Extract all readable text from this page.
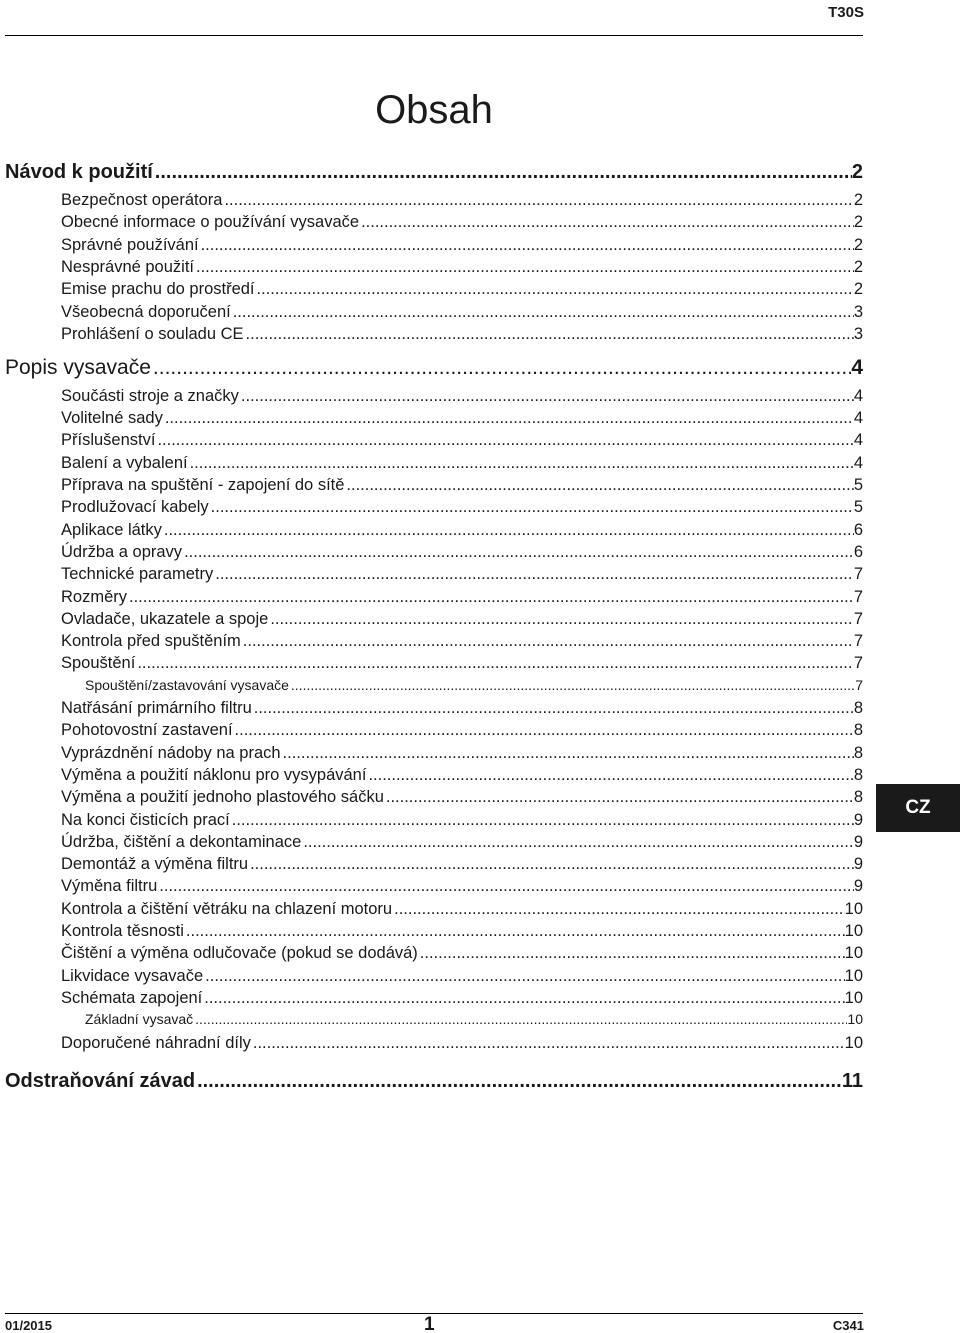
T30S
Obsah
Návod k použití .....	2
Bezpečnost operátora .....	2
Obecné informace o používání vysavače .....	2
Správné používání .....	2
Nesprávné použití .....	2
Emise prachu do prostředí .....	2
Všeobecná doporučení .....	3
Prohlášení o souladu CE .....	3
Popis vysavače .....	4
Součásti stroje a značky .....	4
Volitelné sady .....	4
Příslušenství .....	4
Balení a vybalení .....	4
Příprava na spuštění - zapojení do sítě .....	5
Prodlužovací kabely .....	5
Aplikace látky .....	6
Údržba a opravy .....	6
Technické parametry .....	7
Rozměry .....	7
Ovladače, ukazatele a spoje .....	7
Kontrola před spuštěním .....	7
Spouštění .....	7
Spouštění/zastavování vysavače .....	7
Natřásání primárního filtru .....	8
Pohotovostní zastavení .....	8
Vyprázdnění nádoby na prach .....	8
Výměna a použití náklonu pro vysypávání .....	8
Výměna a použití jednoho plastového sáčku .....	8
Na konci čisticích prací .....	9
Údržba, čištění a dekontaminace .....	9
Demontáž a výměna filtru .....	9
Výměna filtru .....	9
Kontrola a čištění větráku na chlazení motoru .....	10
Kontrola těsnosti .....	10
Čištění a výměna odlučovače (pokud se dodává) .....	10
Likvidace vysavače .....	10
Schémata zapojení .....	10
Základní vysavač .....	10
Doporučené náhradní díly .....	10
Odstraňování závad .....	11
CZ
01/2015	1	C341
